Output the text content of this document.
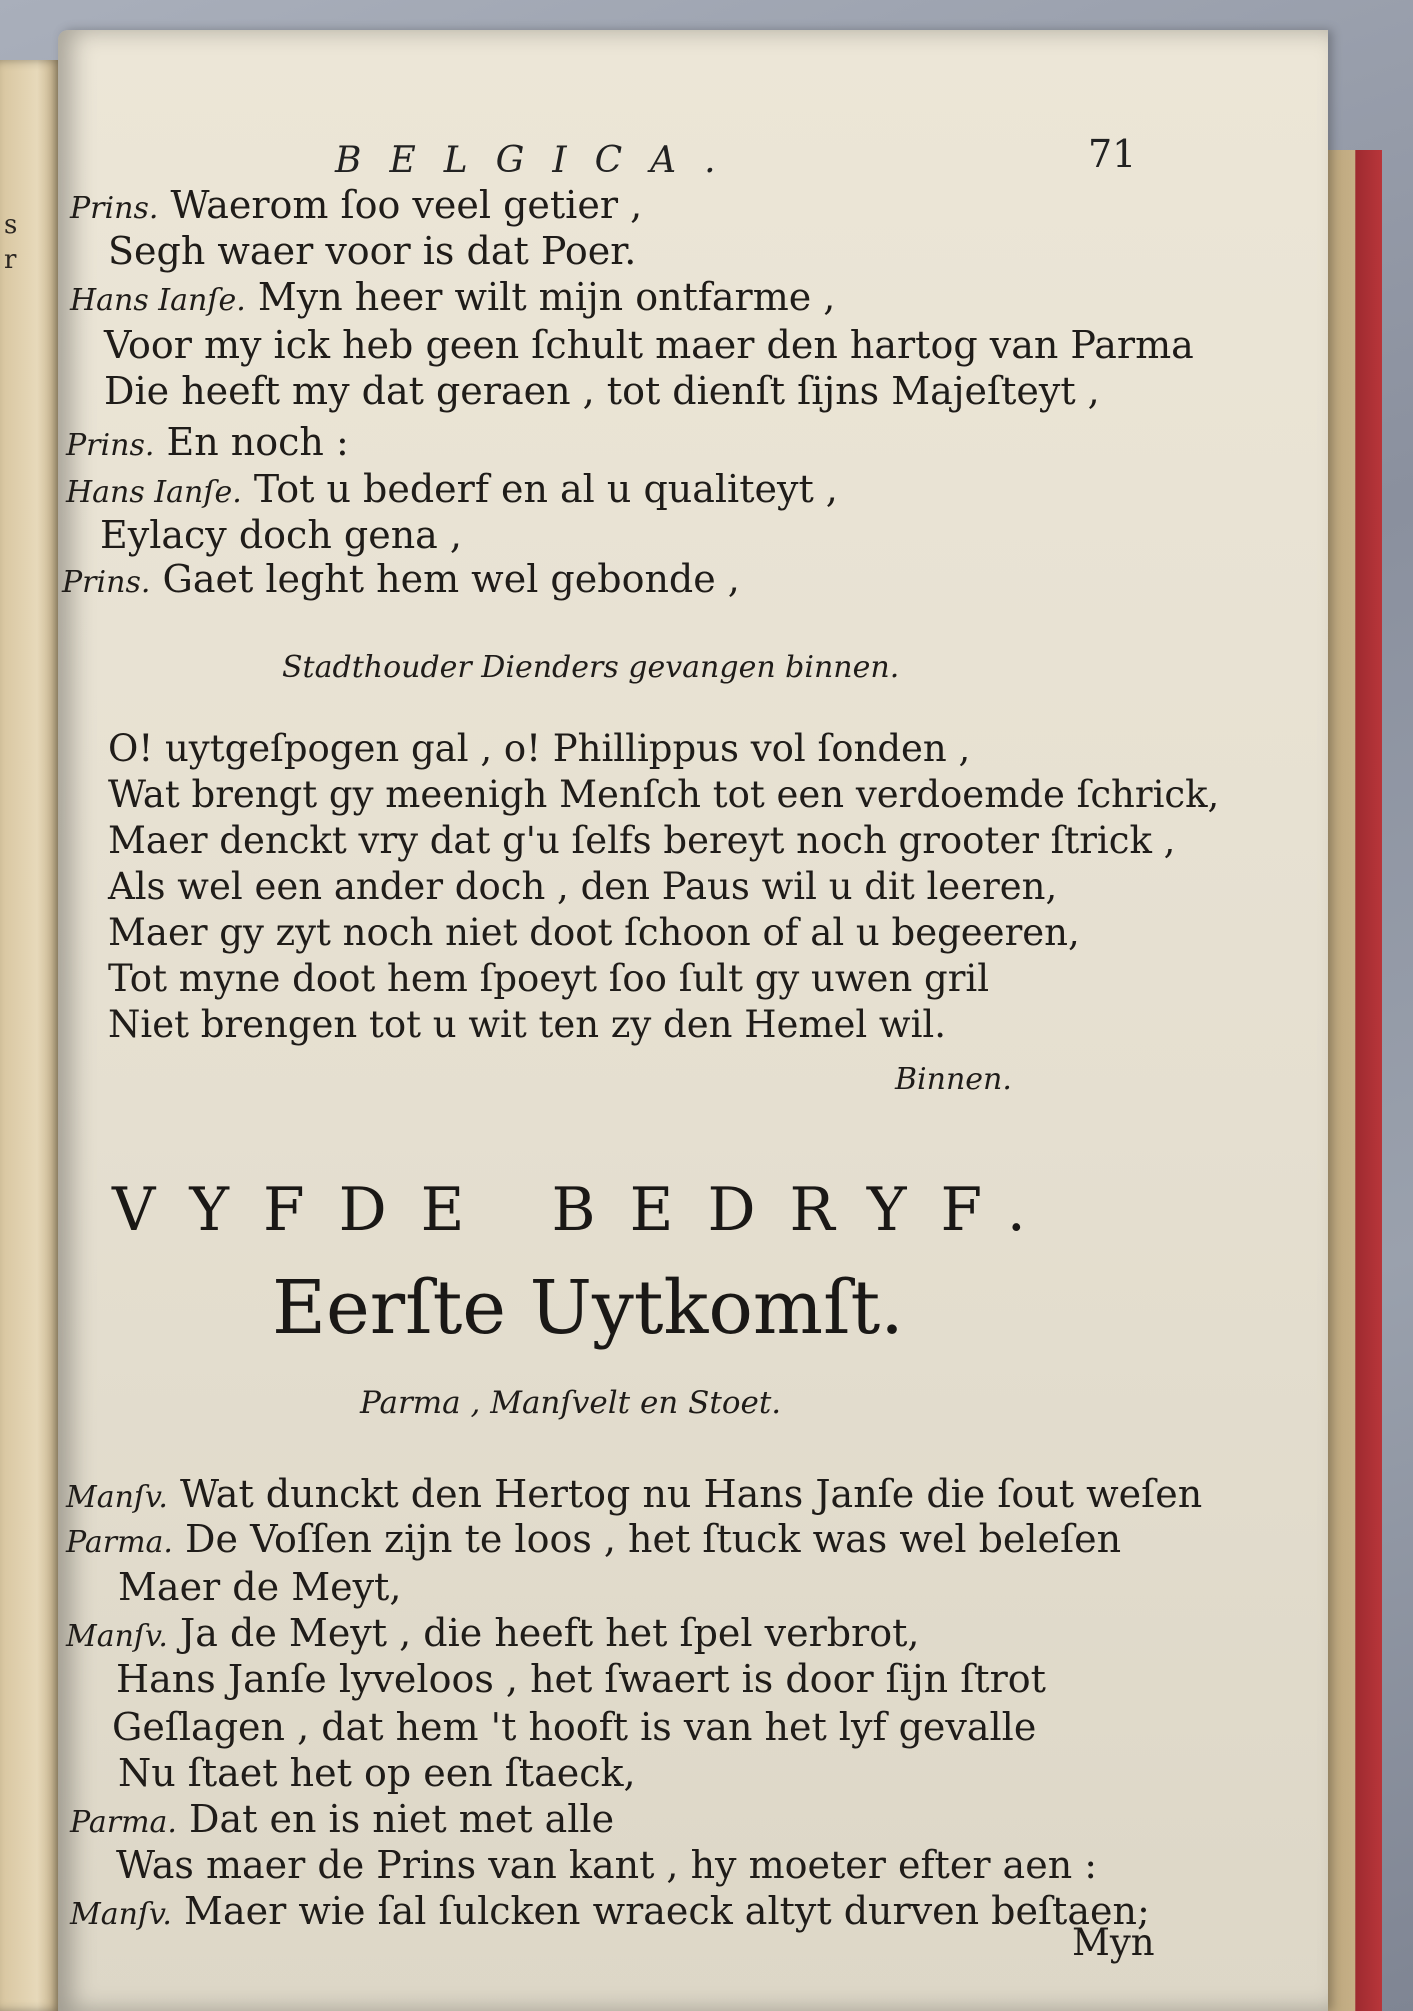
s
r
BELGICA.	71
Prins. Waerom ſoo veel getier ,
Segh waer voor is dat Poer.
Hans Ianſe. Myn heer wilt mijn ontfarme ,
Voor my ick heb geen ſchult maer den hartog van Parma
Die heeft my dat geraen , tot dienſt ſijns Majeſteyt ,
Prins. En noch :
Hans Ianſe. Tot u bederf en al u qualiteyt ,
Eylacy doch gena ,
Prins. Gaet leght hem wel gebonde ,
Stadthouder Dienders gevangen binnen.
O! uytgeſpogen gal , o! Phillippus vol ſonden ,
Wat brengt gy meenigh Menſch tot een verdoemde ſchrick,
Maer denckt vry dat g'u ſelfs bereyt noch grooter ſtrick ,
Als wel een ander doch , den Paus wil u dit leeren,
Maer gy zyt noch niet doot ſchoon of al u begeeren,
Tot myne doot hem ſpoeyt ſoo ſult gy uwen gril
Niet brengen tot u wit ten zy den Hemel wil.
Binnen.
VYFDE BEDRYF.
Eerſte Uytkomſt.
Parma , Manſvelt en Stoet.
Manſv. Wat dunckt den Hertog nu Hans Janſe die ſout weſen
Parma. De Voſſen zijn te loos , het ſtuck was wel beleſen
Maer de Meyt,
Manſv. Ja de Meyt , die heeft het ſpel verbrot,
Hans Janſe lyveloos , het ſwaert is door ſijn ſtrot
Geſlagen , dat hem 't hooft is van het lyf gevalle
Nu ſtaet het op een ſtaeck,
Parma. Dat en is niet met alle
Was maer de Prins van kant , hy moeter efter aen :
Manſv. Maer wie ſal ſulcken wraeck altyt durven beſtaen;
Myn
